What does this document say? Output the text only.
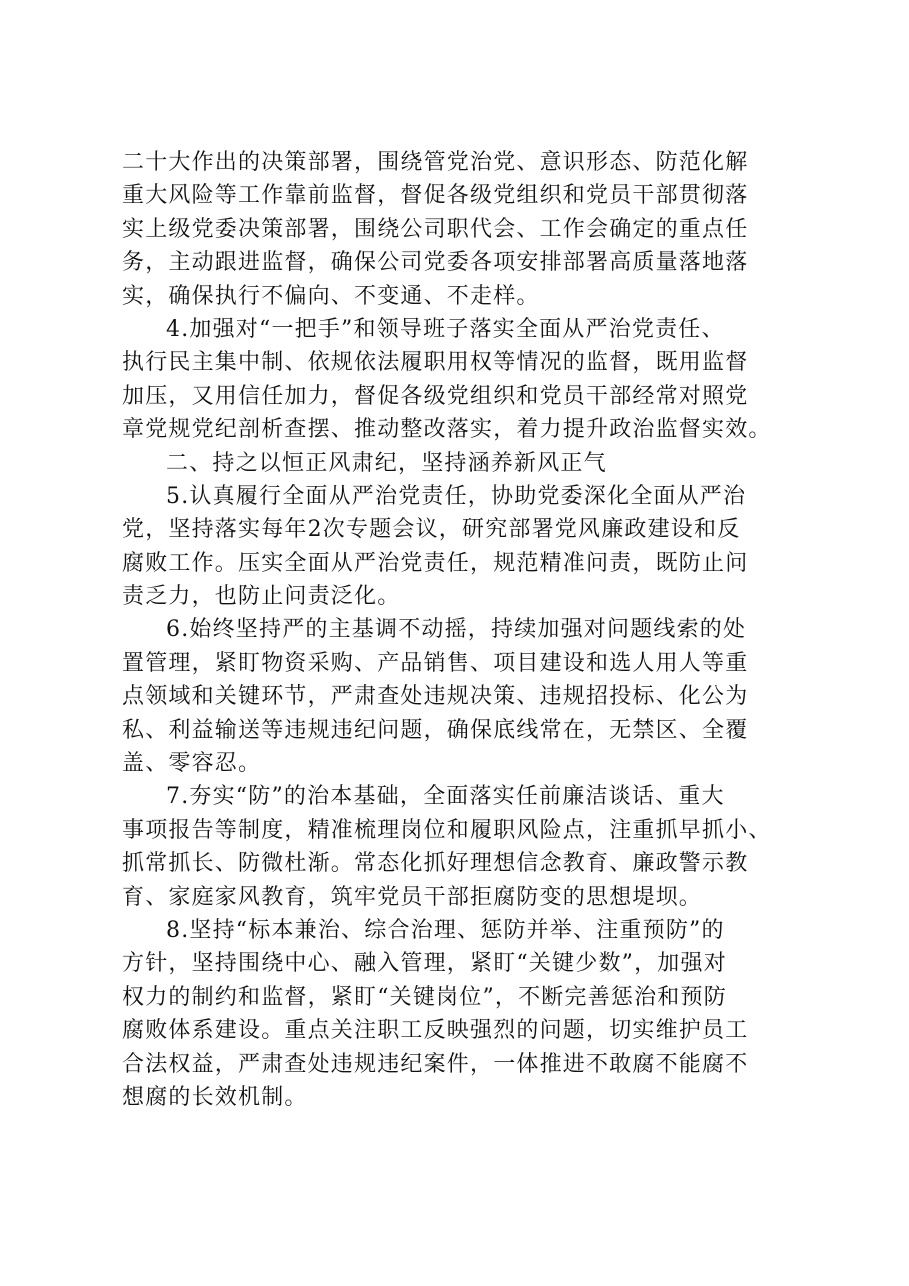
二十大作出的决策部署，围绕管党治党、意识形态、防范化解
重大风险等工作靠前监督，督促各级党组织和党员干部贯彻落
实上级党委决策部署，围绕公司职代会、工作会确定的重点任
务，主动跟进监督，确保公司党委各项安排部署高质量落地落
实，确保执行不偏向、不变通、不走样。
4.加强对“一把手”和领导班子落实全面从严治党责任、
执行民主集中制、依规依法履职用权等情况的监督，既用监督
加压，又用信任加力，督促各级党组织和党员干部经常对照党
章党规党纪剖析查摆、推动整改落实，着力提升政治监督实效。
二、持之以恒正风肃纪，坚持涵养新风正气
5.认真履行全面从严治党责任，协助党委深化全面从严治
党，坚持落实每年2次专题会议，研究部署党风廉政建设和反
腐败工作。压实全面从严治党责任，规范精准问责，既防止问
责乏力，也防止问责泛化。
6.始终坚持严的主基调不动摇，持续加强对问题线索的处
置管理，紧盯物资采购、产品销售、项目建设和选人用人等重
点领域和关键环节，严肃查处违规决策、违规招投标、化公为
私、利益输送等违规违纪问题，确保底线常在，无禁区、全覆
盖、零容忍。
7.夯实“防”的治本基础，全面落实任前廉洁谈话、重大
事项报告等制度，精准梳理岗位和履职风险点，注重抓早抓小、
抓常抓长、防微杜渐。常态化抓好理想信念教育、廉政警示教
育、家庭家风教育，筑牢党员干部拒腐防变的思想堤坝。
8.坚持“标本兼治、综合治理、惩防并举、注重预防”的
方针，坚持围绕中心、融入管理，紧盯“关键少数”，加强对
权力的制约和监督，紧盯“关键岗位”，不断完善惩治和预防
腐败体系建设。重点关注职工反映强烈的问题，切实维护员工
合法权益，严肃查处违规违纪案件，一体推进不敢腐不能腐不
想腐的长效机制。
